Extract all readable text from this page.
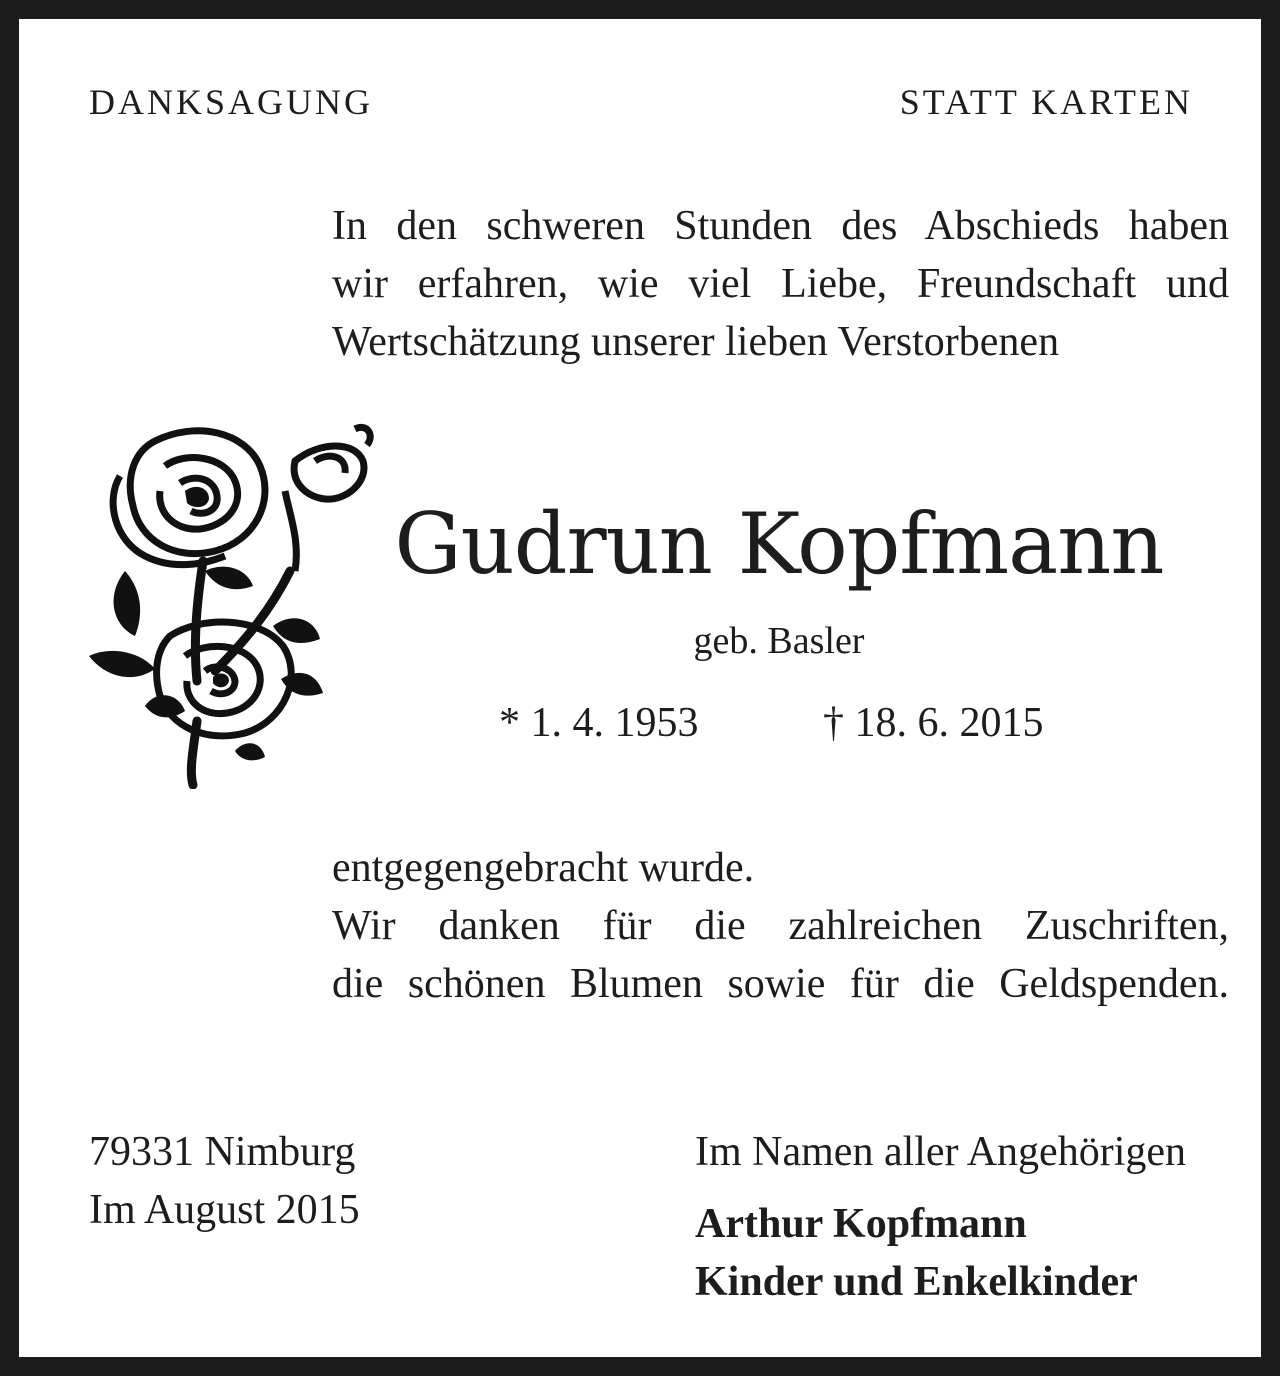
DANKSAGUNG	STATT KARTEN
In den schweren Stunden des Abschieds haben
wir erfahren, wie viel Liebe, Freundschaft und
Wertschätzung unserer lieben Verstorbenen
Gudrun Kopfmann
geb. Basler
* 1. 4. 1953	† 18. 6. 2015
entgegengebracht wurde.
Wir danken für die zahlreichen Zuschriften,
die schönen Blumen sowie für die Geldspenden.
79331 Nimburg
Im August 2015
Im Namen aller Angehörigen
Arthur Kopfmann
Kinder und Enkelkinder
